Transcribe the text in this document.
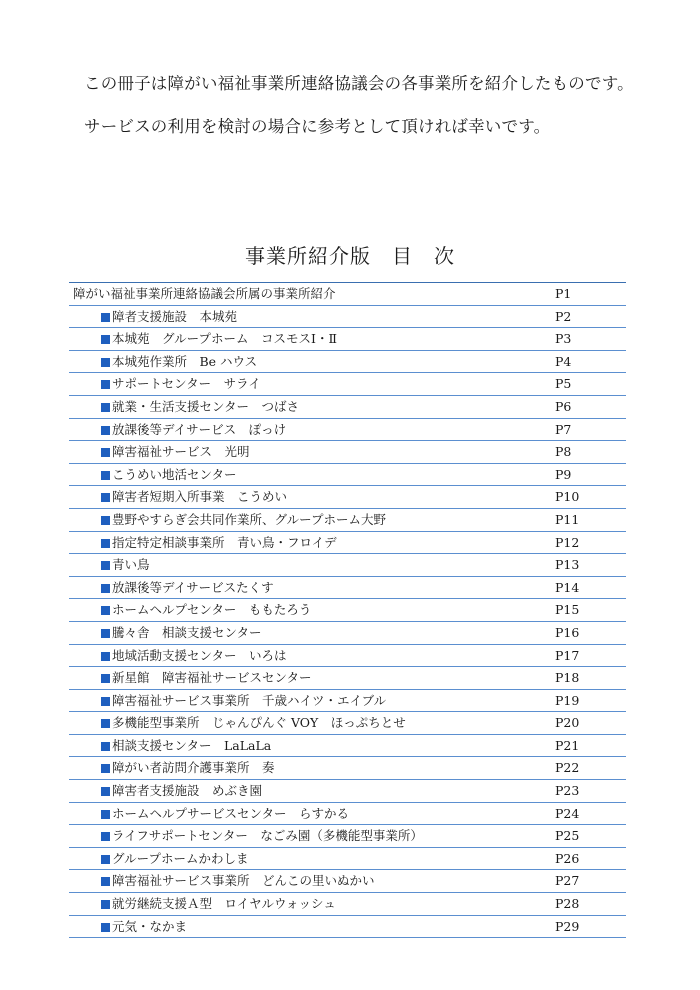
この冊子は障がい福祉事業所連絡協議会の各事業所を紹介したものです。
サービスの利用を検討の場合に参考として頂ければ幸いです。
事業所紹介版　目　次
障がい福祉事業所連絡協議会所属の事業所紹介	P1
障者支援施設　本城苑	P2
本城苑　グループホーム　コスモスⅠ・Ⅱ	P3
本城苑作業所　Be ハウス	P4
サポートセンター　サライ	P5
就業・生活支援センター　つばさ	P6
放課後等デイサービス　ぽっけ	P7
障害福祉サービス　光明	P8
こうめい地活センター	P9
障害者短期入所事業　こうめい	P10
豊野やすらぎ会共同作業所、グループホーム大野	P11
指定特定相談事業所　青い鳥・フロイデ	P12
青い鳥	P13
放課後等デイサービスたくす	P14
ホームヘルプセンター　ももたろう	P15
騰々舎　相談支援センター	P16
地域活動支援センター　いろは	P17
新星館　障害福祉サービスセンター	P18
障害福祉サービス事業所　千歳ハイツ・エイブル	P19
多機能型事業所　じゃんぴんぐ VOY　ほっぷちとせ	P20
相談支援センター　LaLaLa	P21
障がい者訪問介護事業所　奏	P22
障害者支援施設　めぶき園	P23
ホームヘルプサービスセンター　らすかる	P24
ライフサポートセンター　なごみ園（多機能型事業所）	P25
グループホームかわしま	P26
障害福祉サービス事業所　どんこの里いぬかい	P27
就労継続支援Ａ型　ロイヤルウォッシュ	P28
元気・なかま	P29
